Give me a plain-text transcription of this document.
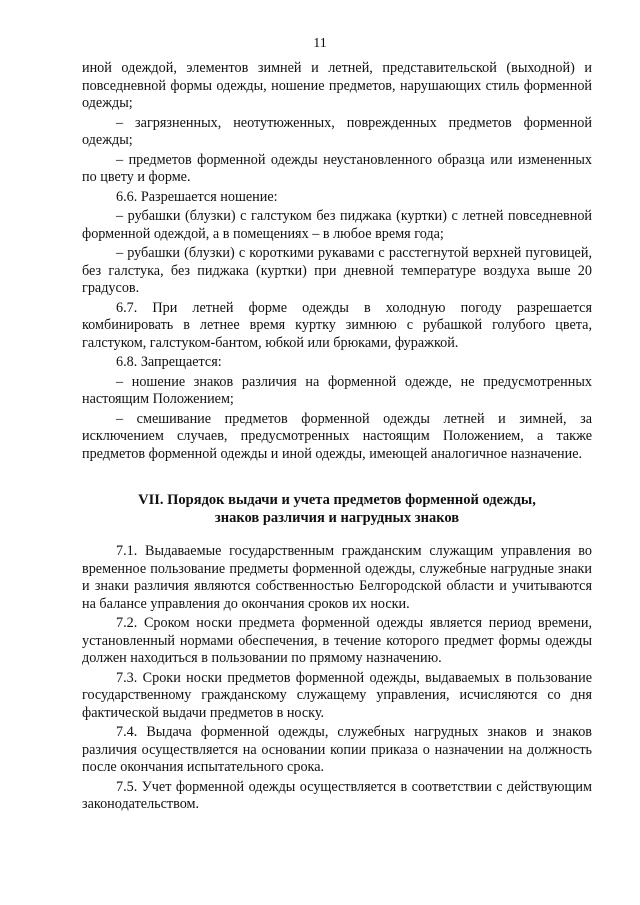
11

иной одеждой, элементов зимней и летней, представительской (выходной) и повседневной формы одежды, ношение предметов, нарушающих стиль форменной одежды;

– загрязненных, неотутюженных, поврежденных предметов форменной одежды;

– предметов форменной одежды неустановленного образца или измененных по цвету и форме.

6.6. Разрешается ношение:

– рубашки (блузки) с галстуком без пиджака (куртки) с летней повседневной форменной одеждой, а в помещениях – в любое время года;

– рубашки (блузки) с короткими рукавами с расстегнутой верхней пуговицей, без галстука, без пиджака (куртки) при дневной температуре воздуха выше 20 градусов.

6.7. При летней форме одежды в холодную погоду разрешается комбинировать в летнее время куртку зимнюю с рубашкой голубого цвета, галстуком, галстуком-бантом, юбкой или брюками, фуражкой.

6.8. Запрещается:

– ношение знаков различия на форменной одежде, не предусмотренных настоящим Положением;

– смешивание предметов форменной одежды летней и зимней, за исключением случаев, предусмотренных настоящим Положением, а также предметов форменной одежды и иной одежды, имеющей аналогичное назначение.

VII. Порядок выдачи и учета предметов форменной одежды,
знаков различия и нагрудных знаков

7.1. Выдаваемые государственным гражданским служащим управления во временное пользование предметы форменной одежды, служебные нагрудные знаки и знаки различия являются собственностью Белгородской области и учитываются на балансе управления до окончания сроков их носки.

7.2. Сроком носки предмета форменной одежды является период времени, установленный нормами обеспечения, в течение которого предмет формы одежды должен находиться в пользовании по прямому назначению.

7.3. Сроки носки предметов форменной одежды, выдаваемых в пользование государственному гражданскому служащему управления, исчисляются со дня фактической выдачи предметов в носку.

7.4. Выдача форменной одежды, служебных нагрудных знаков и знаков различия осуществляется на основании копии приказа о назначении на должность после окончания испытательного срока.

7.5. Учет форменной одежды осуществляется в соответствии с действующим законодательством.
